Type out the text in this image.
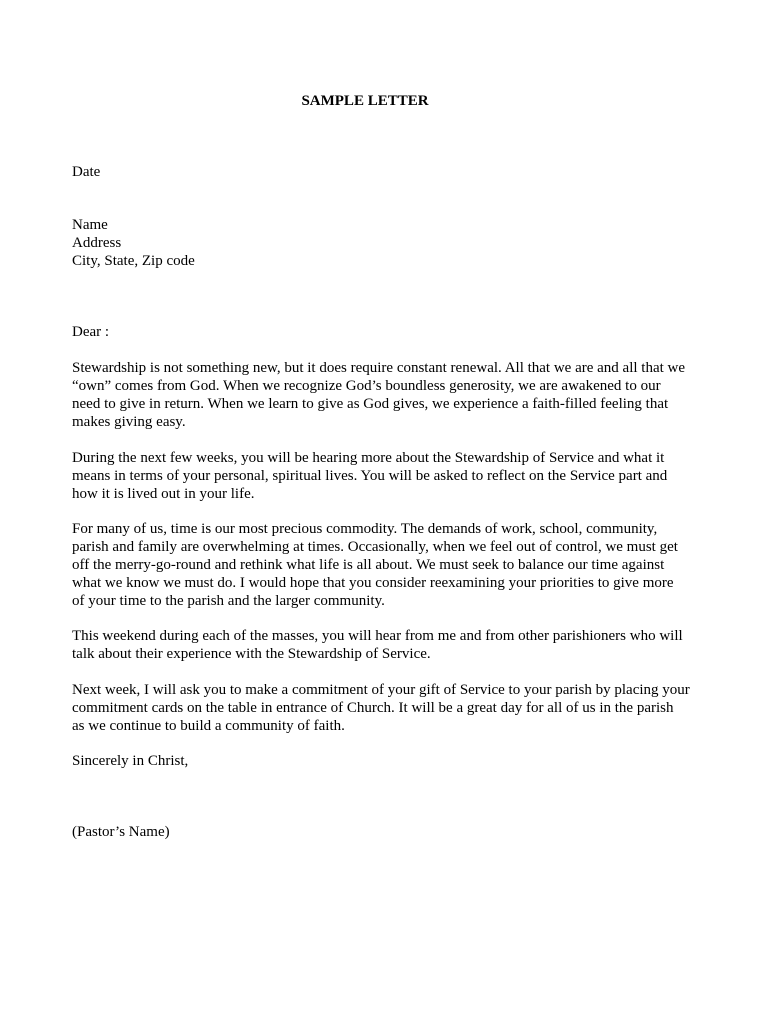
SAMPLE LETTER
Date
Name
Address
City, State, Zip code
Dear :
Stewardship is not something new, but it does require constant renewal. All that we are and all that we
“own” comes from God. When we recognize God’s boundless generosity, we are awakened to our
need to give in return. When we learn to give as God gives, we experience a faith-filled feeling that
makes giving easy.
During the next few weeks, you will be hearing more about the Stewardship of Service and what it
means in terms of your personal, spiritual lives. You will be asked to reflect on the Service part and
how it is lived out in your life.
For many of us, time is our most precious commodity. The demands of work, school, community,
parish and family are overwhelming at times. Occasionally, when we feel out of control, we must get
off the merry-go-round and rethink what life is all about. We must seek to balance our time against
what we know we must do. I would hope that you consider reexamining your priorities to give more
of your time to the parish and the larger community.
This weekend during each of the masses, you will hear from me and from other parishioners who will
talk about their experience with the Stewardship of Service.
Next week, I will ask you to make a commitment of your gift of Service to your parish by placing your
commitment cards on the table in entrance of Church. It will be a great day for all of us in the parish
as we continue to build a community of faith.
Sincerely in Christ,
(Pastor’s Name)
